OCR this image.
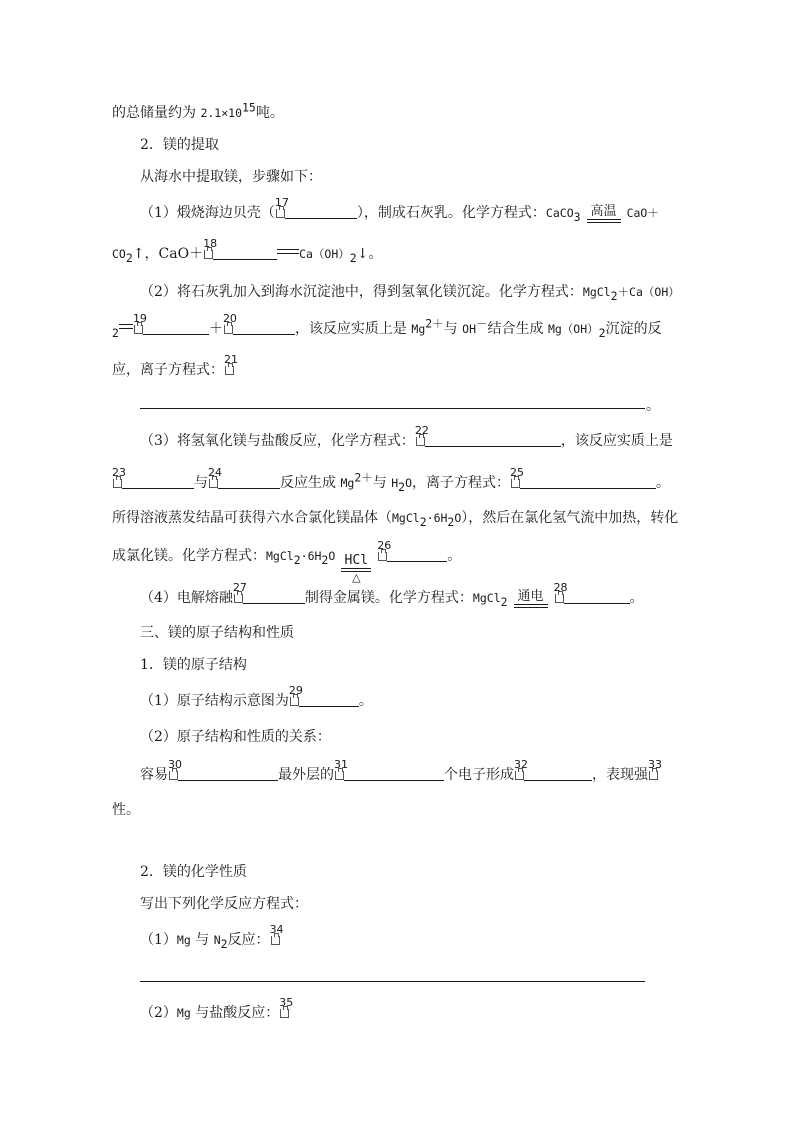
的总储量约为 $2.1\times 10^{15}$吨。
2．镁的提取
从海水中提取镁，步骤如下：
（1）煅烧海边贝壳（
17
），制成石灰乳。化学方程式：CaCO$_3$ 高温 CaO＋
$CO_2↑$，CaO＋
18
$Ca(OH)_2↓$。
（2）将石灰乳加入到海水沉淀池中，得到氢氧化镁沉淀。化学方程式：MgCl$_2$＋Ca（OH）
$_2$
19
＋
20
，该反应实质上是 $Mg^{2+}$与 OH－结合生成 $Mg(OH)_2$沉淀的反
应，离子方程式：
21
。
（3）将氢氧化镁与盐酸反应，化学方程式：
22
，该反应实质上是
23
与
24
反应生成 $Mg^{2+}$与 $H_2O$，离子方程式：
25
。
所得溶液蒸发结晶可获得六水合氯化镁晶体$(MgCl_2\cdot 6H_2O)$，然后在氯化氢气流中加热，转化
成氯化镁。化学方程式：$MgCl_2\cdot 6H_2O$ HCl
△
26
。
（4）电解熔融
27
制得金属镁。化学方程式：MgCl$_2$ 通电
28
。
三、镁的原子结构和性质
1．镁的原子结构
（1）原子结构示意图为
29
。
（2）原子结构和性质的关系：
容易
30
最外层的
31
个电子形成
32
，表现强
33
性。
2．镁的化学性质
写出下列化学反应方程式：
（1）Mg 与 $N_2$反应：
34
（2）Mg 与盐酸反应：
35
